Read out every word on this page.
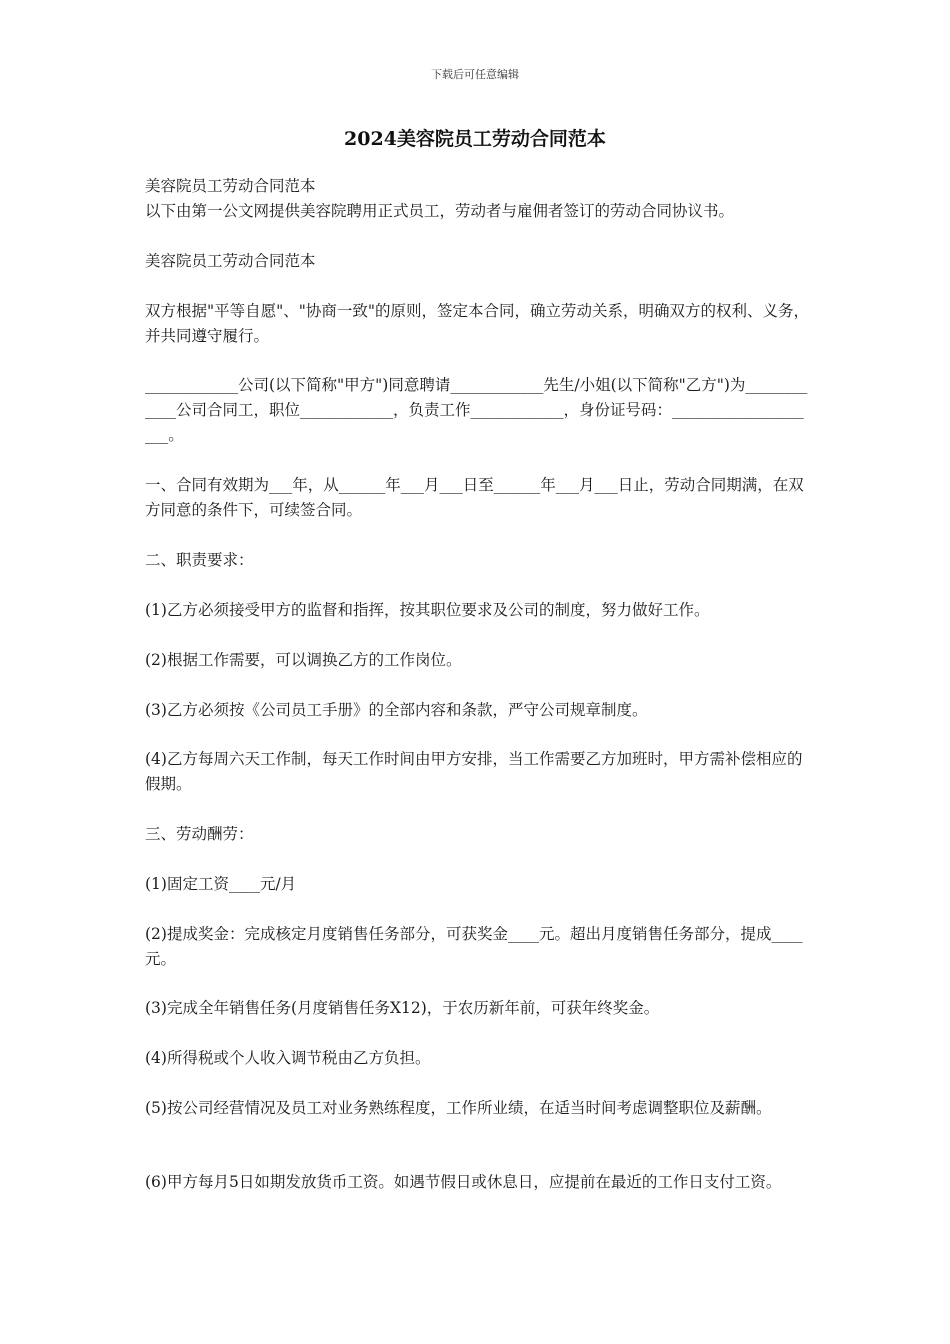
下载后可任意编辑
2024美容院员工劳动合同范本
美容院员工劳动合同范本
以下由第一公文网提供美容院聘用正式员工，劳动者与雇佣者签订的劳动合同协议书。
美容院员工劳动合同范本
双方根据"平等自愿"、"协商一致"的原则，签定本合同，确立劳动关系，明确双方的权利、义务，并共同遵守履行。
____________公司(以下简称"甲方")同意聘请____________先生/小姐(以下简称"乙方")为____________公司合同工，职位____________，负责工作____________，身份证号码：____________________。
一、合同有效期为___年，从______年___月___日至______年___月___日止，劳动合同期满，在双方同意的条件下，可续签合同。
二、职责要求：
(1)乙方必须接受甲方的监督和指挥，按其职位要求及公司的制度，努力做好工作。
(2)根据工作需要，可以调换乙方的工作岗位。
(3)乙方必须按《公司员工手册》的全部内容和条款，严守公司规章制度。
(4)乙方每周六天工作制，每天工作时间由甲方安排，当工作需要乙方加班时，甲方需补偿相应的假期。
三、劳动酬劳：
(1)固定工资____元/月
(2)提成奖金：完成核定月度销售任务部分，可获奖金____元。超出月度销售任务部分，提成____元。
(3)完成全年销售任务(月度销售任务X12)，于农历新年前，可获年终奖金。
(4)所得税或个人收入调节税由乙方负担。
(5)按公司经营情况及员工对业务熟练程度，工作所业绩，在适当时间考虑调整职位及薪酬。
(6)甲方每月5日如期发放货币工资。如遇节假日或休息日，应提前在最近的工作日支付工资。
